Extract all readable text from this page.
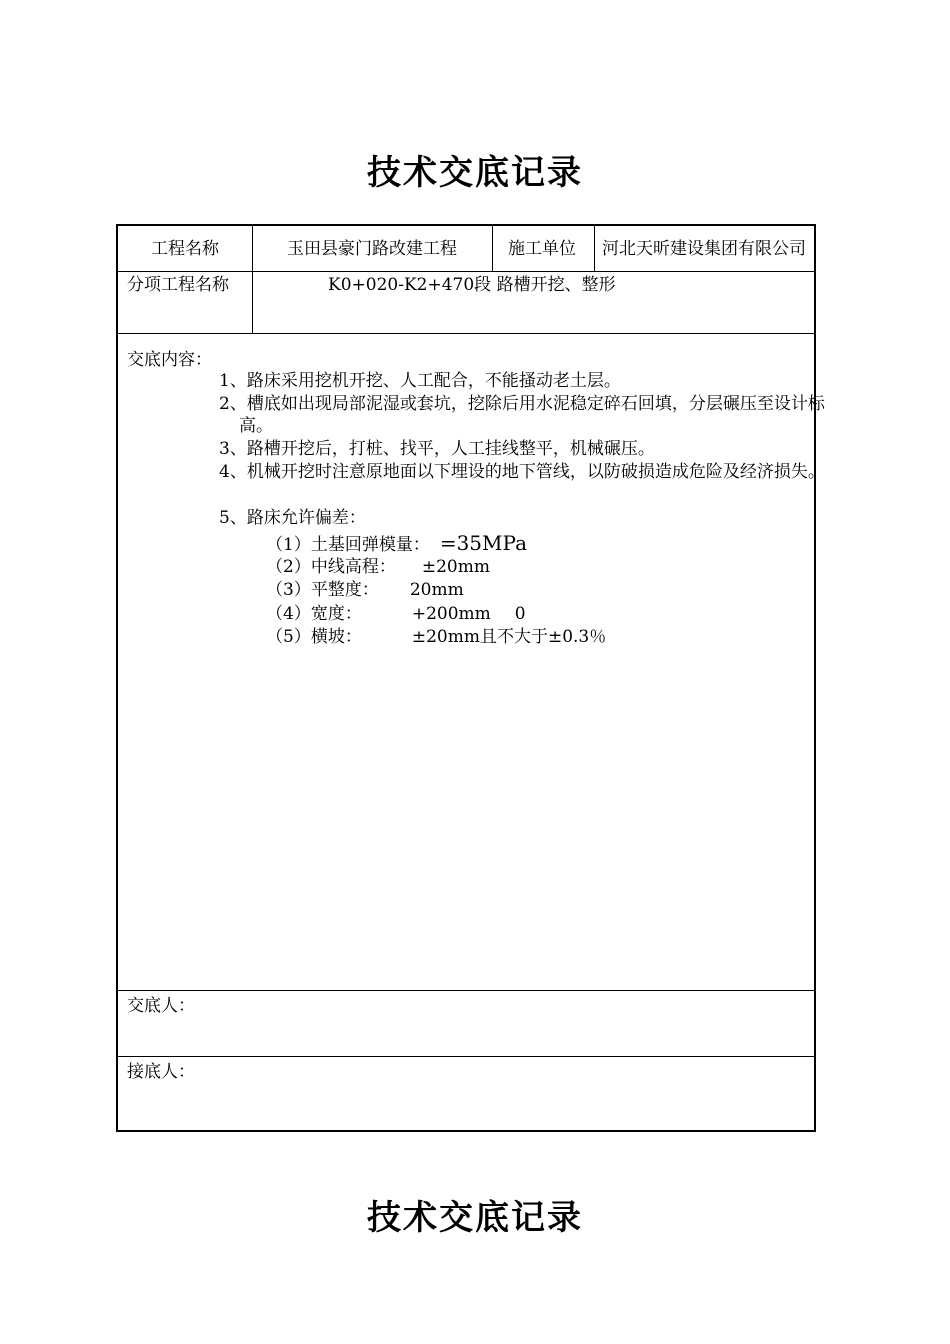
技术交底记录
工程名称	玉田县豪门路改建工程	施工单位	河北天昕建设集团有限公司
分项工程名称	K0+020-K2+470段 路槽开挖、整形
交底内容：
1、路床采用挖机开挖、人工配合，不能搔动老土层。
2、槽底如出现局部泥湿或套坑，挖除后用水泥稳定碎石回填，分层碾压至设计标高。
3、路槽开挖后，打桩、找平，人工挂线整平，机械碾压。
4、机械开挖时注意原地面以下埋设的地下管线，以防破损造成危险及经济损失。
5、路床允许偏差：
（1）土基回弹模量： =35MPa
（2）中线高程： ±20mm
（3）平整度： 20mm
（4）宽度：	+200mm 0
（5）横坡：	±20mm且不大于±0.3％
交底人：
接底人：
技术交底记录
